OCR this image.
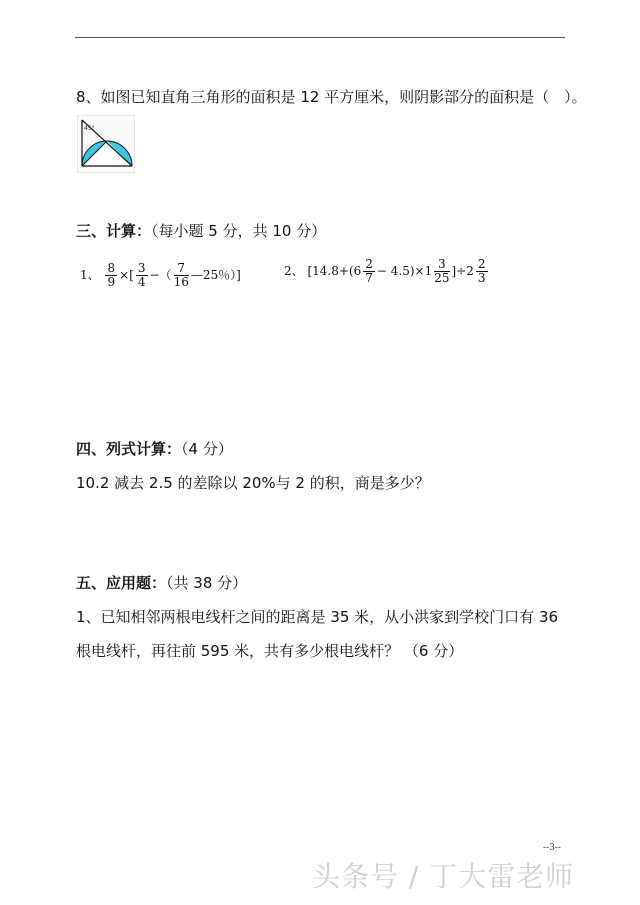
8、如图已知直角三角形的面积是 12 平方厘米，则阴影部分的面积是（　）。
45°
三、计算：（每小题 5 分，共 10 分）
1、 $\frac{8}{9}$ ×[ $\frac{3}{4}$ −（ $\frac{7}{16}$ —25％）]	2、 $[14.8+(6 \frac{2}{7} - 4.5)\times 1 \frac{3}{25} ]\div 2 \frac{2}{3}$
四、列式计算：（4 分）
10.2 减去 2.5 的差除以 20%与 2 的积，商是多少？
五、应用题：（共 38 分）
1、已知相邻两根电线杆之间的距离是 35 米，从小洪家到学校门口有 36
根电线杆，再往前 595 米，共有多少根电线杆？ （6 分）
--3--
头条号 / 丁大雷老师
